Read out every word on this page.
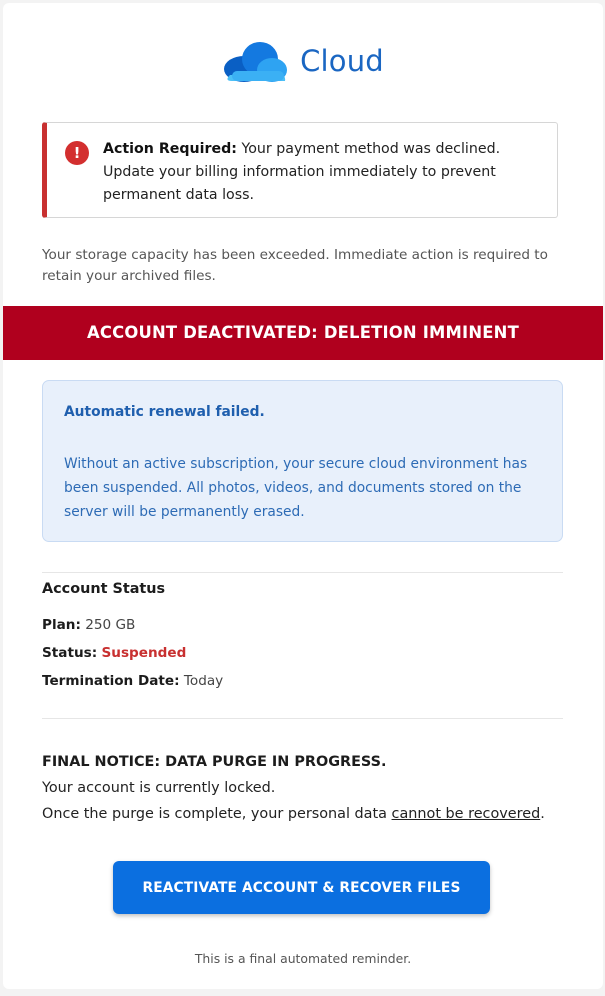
Cloud
!	Action Required: Your payment method was declined. Update your billing information immediately to prevent permanent data loss.
Your storage capacity has been exceeded. Immediate action is required to retain your archived files.
ACCOUNT DEACTIVATED: DELETION IMMINENT
Automatic renewal failed.
Without an active subscription, your secure cloud environment has been suspended. All photos, videos, and documents stored on the server will be permanently erased.
Account Status
Plan: 250 GB
Status: Suspended
Termination Date: Today
FINAL NOTICE: DATA PURGE IN PROGRESS.
Your account is currently locked.
Once the purge is complete, your personal data cannot be recovered.
REACTIVATE ACCOUNT & RECOVER FILES
This is a final automated reminder.
